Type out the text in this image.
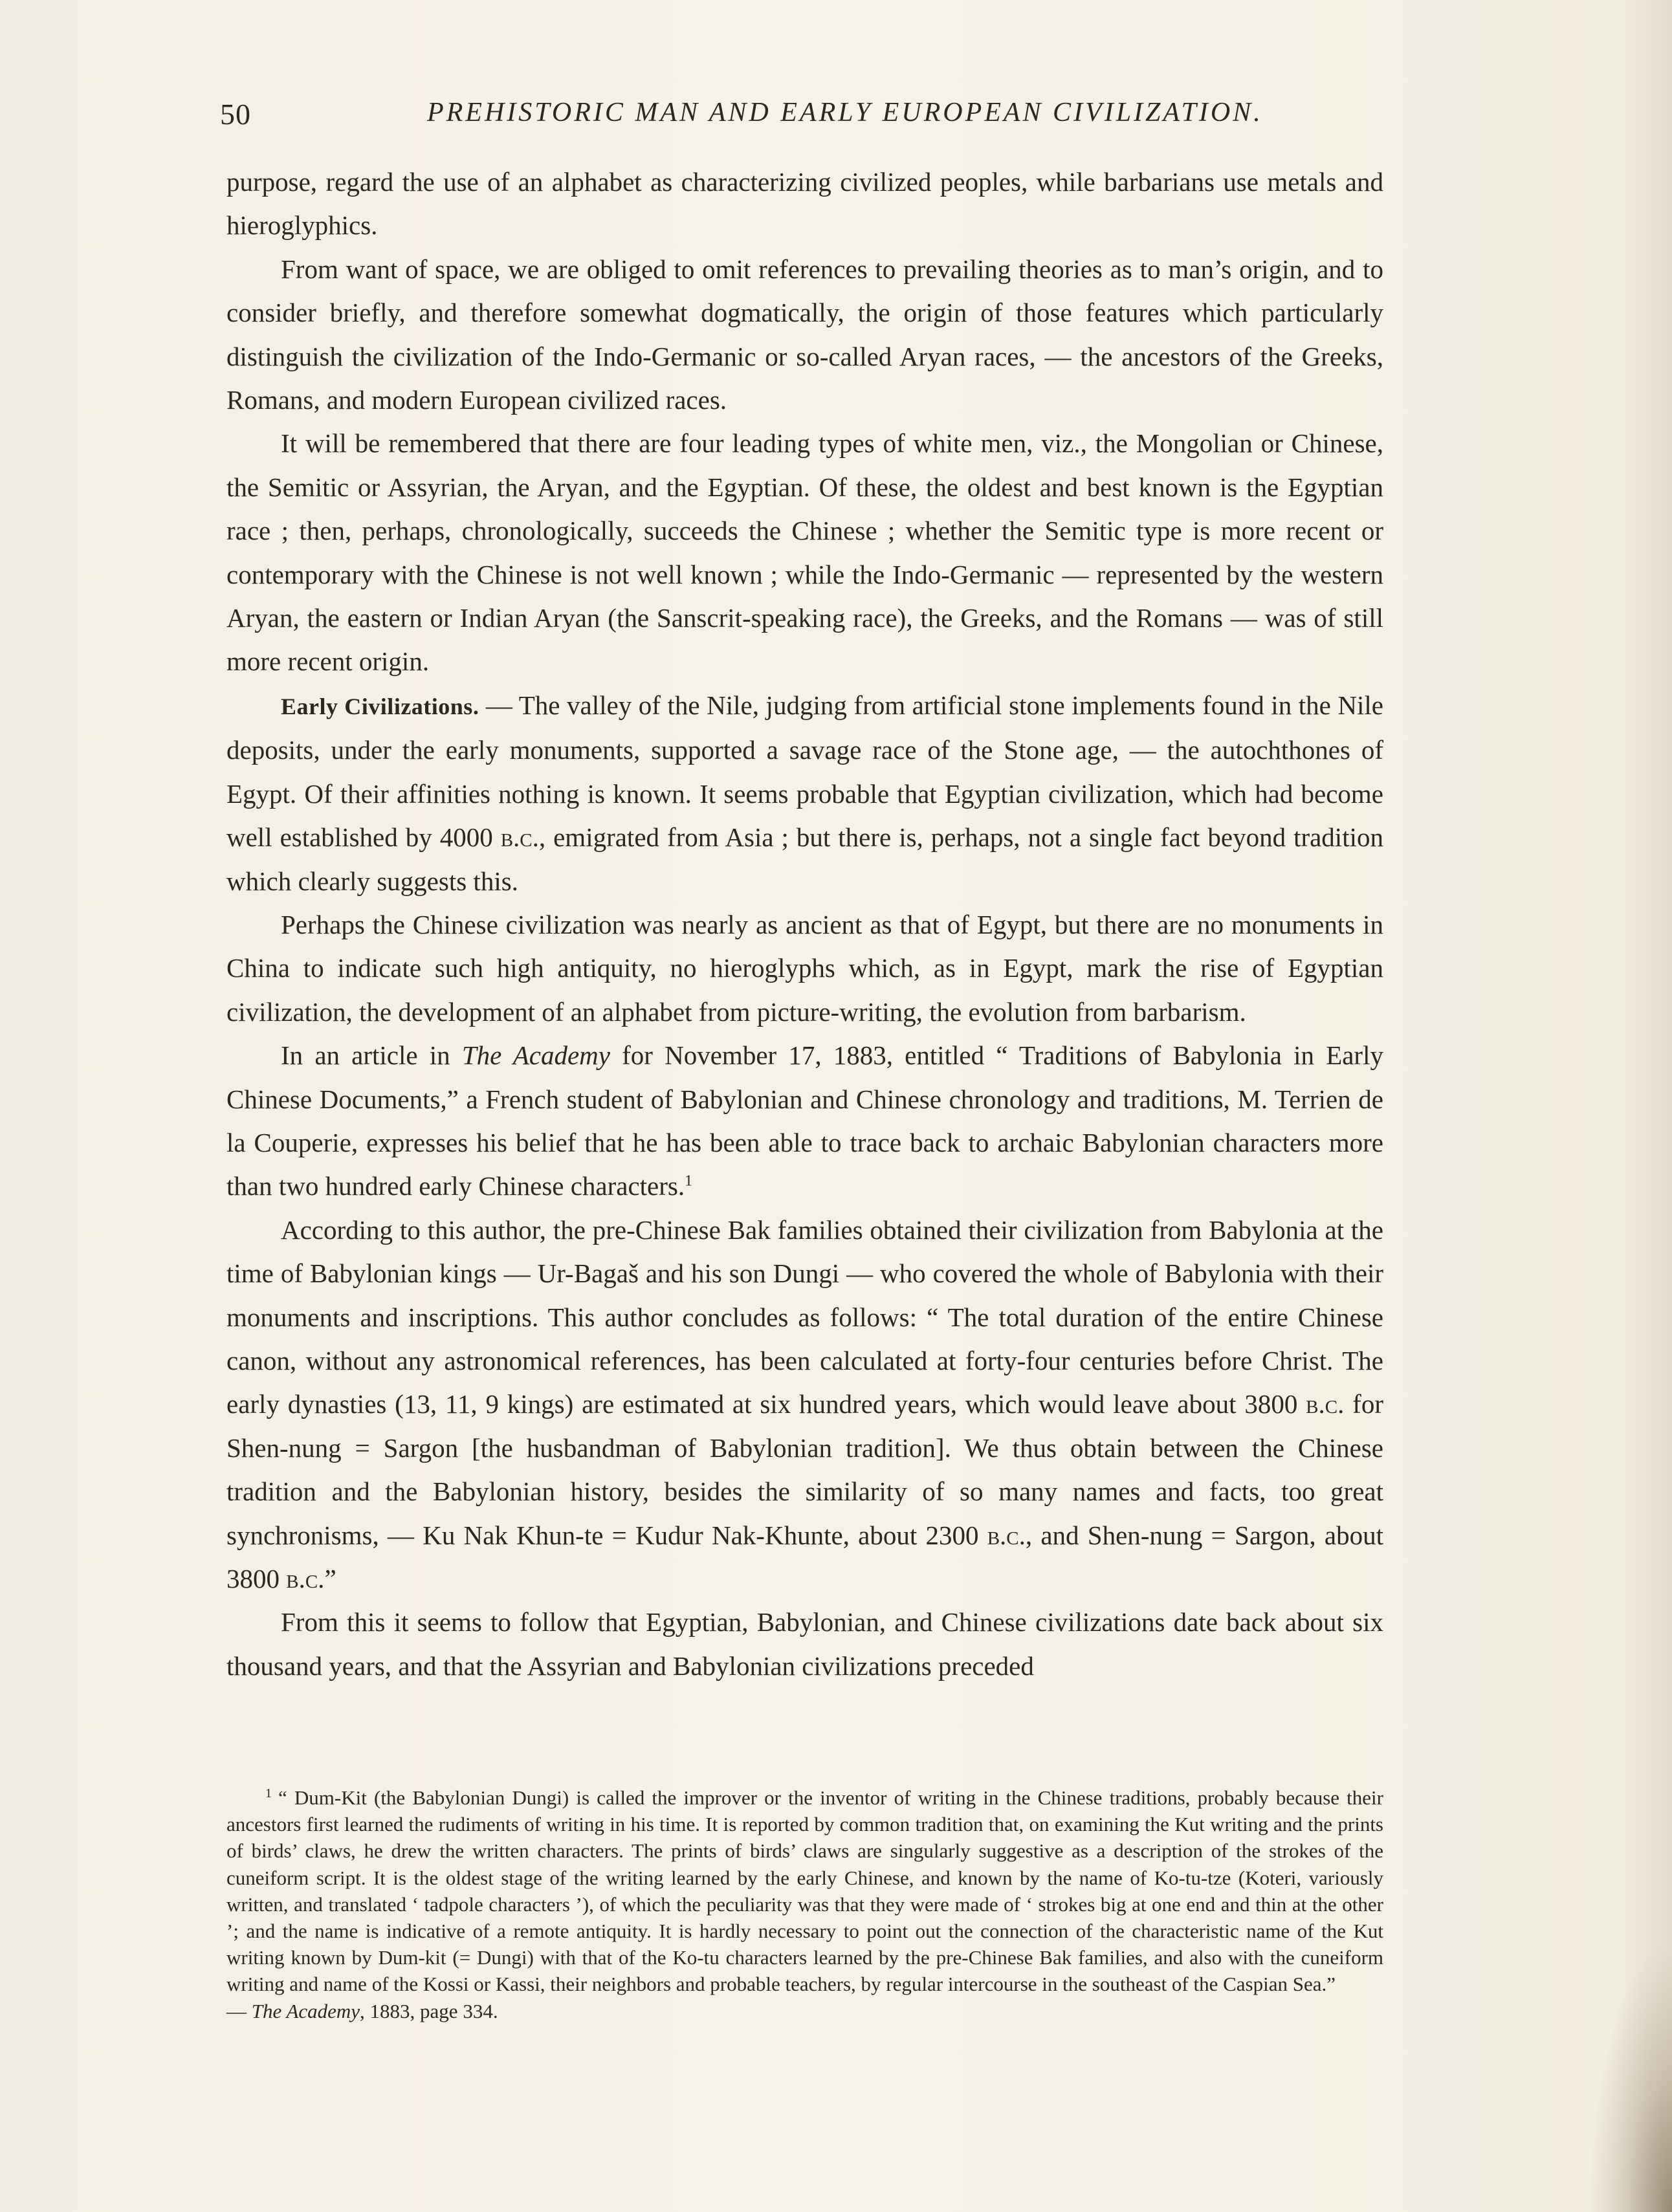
50	PREHISTORIC MAN AND EARLY EUROPEAN CIVILIZATION.

purpose, regard the use of an alphabet as characterizing civilized peoples, while barbarians use metals and hieroglyphics.

From want of space, we are obliged to omit references to prevailing theories as to man’s origin, and to consider briefly, and therefore somewhat dogmatically, the origin of those features which particularly distinguish the civilization of the Indo-Germanic or so-called Aryan races, — the ancestors of the Greeks, Romans, and modern European civilized races.

It will be remembered that there are four leading types of white men, viz., the Mongolian or Chinese, the Semitic or Assyrian, the Aryan, and the Egyptian. Of these, the oldest and best known is the Egyptian race ; then, perhaps, chronologically, succeeds the Chinese ; whether the Semitic type is more recent or contemporary with the Chinese is not well known ; while the Indo-Germanic — represented by the western Aryan, the eastern or Indian Aryan (the Sanscrit-speaking race), the Greeks, and the Romans — was of still more recent origin.

Early Civilizations. — The valley of the Nile, judging from artificial stone implements found in the Nile deposits, under the early monuments, supported a savage race of the Stone age, — the autochthones of Egypt. Of their affinities nothing is known. It seems probable that Egyptian civilization, which had become well established by 4000 b.c., emigrated from Asia ; but there is, perhaps, not a single fact beyond tradition which clearly suggests this.

Perhaps the Chinese civilization was nearly as ancient as that of Egypt, but there are no monuments in China to indicate such high antiquity, no hieroglyphs which, as in Egypt, mark the rise of Egyptian civilization, the development of an alphabet from picture-writing, the evolution from barbarism.

In an article in The Academy for November 17, 1883, entitled “ Traditions of Babylonia in Early Chinese Documents,” a French student of Babylonian and Chinese chronology and traditions, M. Terrien de la Couperie, expresses his belief that he has been able to trace back to archaic Babylonian characters more than two hundred early Chinese characters.$^1$

According to this author, the pre-Chinese Bak families obtained their civilization from Babylonia at the time of Babylonian kings — Ur-Bagaš and his son Dungi — who covered the whole of Babylonia with their monuments and inscriptions. This author concludes as follows: “ The total duration of the entire Chinese canon, without any astronomical references, has been calculated at forty-four centuries before Christ. The early dynasties (13, 11, 9 kings) are estimated at six hundred years, which would leave about 3800 b.c. for Shen-nung = Sargon [the husbandman of Babylonian tradition]. We thus obtain between the Chinese tradition and the Babylonian history, besides the similarity of so many names and facts, too great synchronisms, — Ku Nak Khun-te = Kudur Nak-Khunte, about 2300 b.c., and Shen-nung = Sargon, about 3800 b.c.”

From this it seems to follow that Egyptian, Babylonian, and Chinese civilizations date back about six thousand years, and that the Assyrian and Babylonian civilizations preceded

$^1$ “ Dum-Kit (the Babylonian Dungi) is called the improver or the inventor of writing in the Chinese traditions, probably because their ancestors first learned the rudiments of writing in his time. It is reported by common tradition that, on examining the Kut writing and the prints of birds’ claws, he drew the written characters. The prints of birds’ claws are singularly suggestive as a description of the strokes of the cuneiform script. It is the oldest stage of the writing learned by the early Chinese, and known by the name of Ko-tu-tze (Koteri, variously written, and translated ‘ tadpole characters ’), of which the peculiarity was that they were made of ‘ strokes big at one end and thin at the other ’; and the name is indicative of a remote antiquity. It is hardly necessary to point out the connection of the characteristic name of the Kut writing known by Dum-kit (= Dungi) with that of the Ko-tu characters learned by the pre-Chinese Bak families, and also with the cuneiform writing and name of the Kossi or Kassi, their neighbors and probable teachers, by regular intercourse in the southeast of the Caspian Sea.”
— The Academy, 1883, page 334.
